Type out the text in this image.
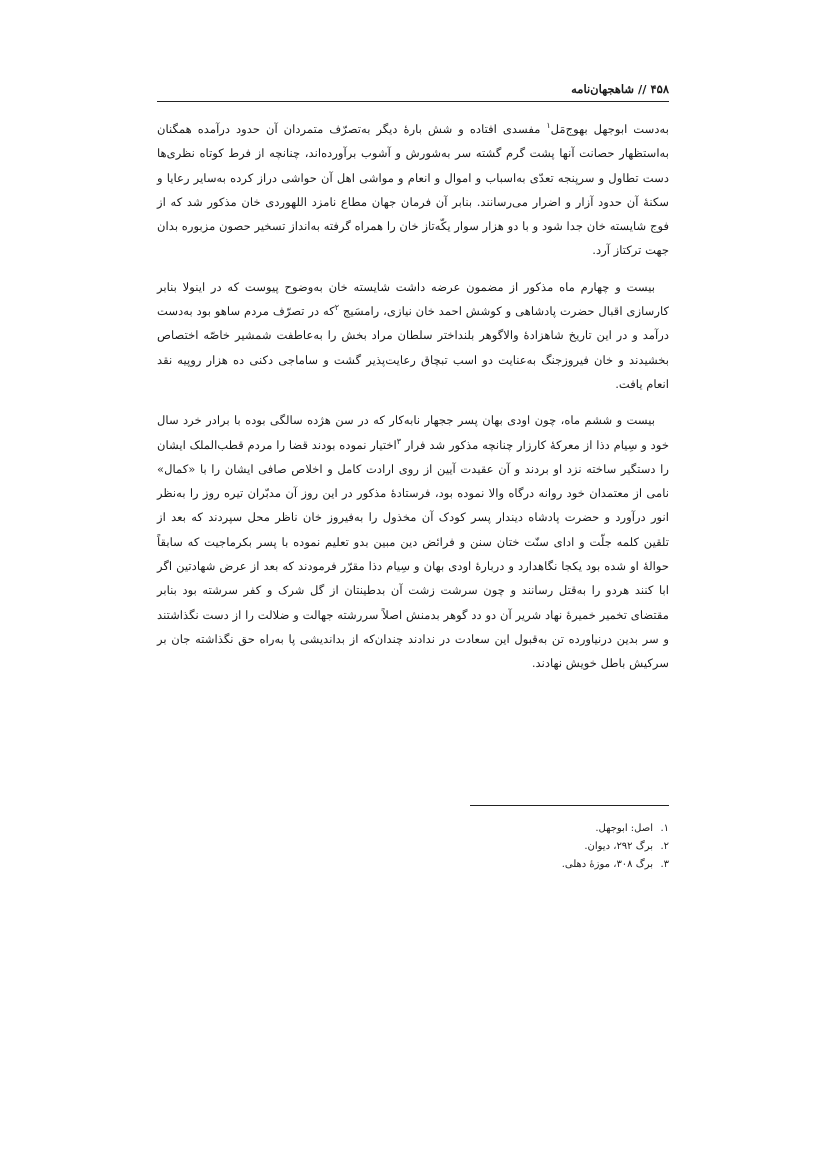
۴۵۸ // شاهجهان‌نامه

به‌دست ابوجهل بهوج‌مَل$^۱$ مفسدی افتاده و شش بارهٔ دیگر به‌تصرّف متمردان آن حدود درآمده همگنان به‌استظهار حصانت آنها پشت گرم گشته سر به‌شورش و آشوب برآورده‌اند، چنانچه از فرط کوتاه نظری‌ها دست تطاول و سرپنجه تعدّی به‌اسباب و اموال و انعام و مواشی اهل آن حواشی دراز کرده به‌سایر رعایا و سکنهٔ آن حدود آزار و اضرار می‌رسانند. بنابر آن فرمان جهان مطاع نامزد اللهوردی خان مذکور شد که از فوج شایسته خان جدا شود و با دو هزار سوار یکّه‌تاز خان را همراه گرفته به‌انداز تسخیر حصون مزبوره بدان جهت ترکتاز آرد.

بیست و چهارم ماه مذکور از مضمون عرضه داشت شایسته خان به‌وضوح پیوست که در اینولا بنابر کارسازی اقبال حضرت پادشاهی و کوشش احمد خان نیازی، رامسَیج $^۲$که در تصرّف مردم ساهو بود به‌دست درآمد و در این تاریخ شاهزادهٔ والاگوهر بلنداختر سلطان مراد بخش را به‌عاطفت شمشیر خاصّه اختصاص بخشیدند و خان فیروزجنگ به‌عنایت دو اسب تبچاق رعایت‌پذیر گشت و ساماجی دکنی ده هزار روپیه نقد انعام یافت.

بیست و ششم ماه، چون اودی بهان پسر ججهار نابه‌کار که در سن هژده سالگی بوده با برادر خرد سال خود و سِیام دذا از معرکهٔ کارزار چنانچه مذکور شد فرار $^۳$اختیار نموده بودند قضا را مردم قطب‌الملک ایشان را دستگیر ساخته نزد او بردند و آن عقیدت آیین از روی ارادت کامل و اخلاص صافی ایشان را با «کمال» نامی از معتمدان خود روانه درگاه والا نموده بود، فرستادهٔ مذکور در این روز آن مدبّران تیره روز را به‌نظر انور درآورد و حضرت پادشاه دیندار پسر کودک آن مخذول را به‌فیروز خان ناظر محل سپردند که بعد از تلقین کلمه جلّت و ادای سنّت ختان سنن و فرائض دین مبین بدو تعلیم نموده با پسر بکرماجیت که سابقاً حوالهٔ او شده بود یکجا نگاهدارد و دربارهٔ اودی بهان و سِیام دذا مقرّر فرمودند که بعد از عرض شهادتین اگر ابا کنند هردو را به‌قتل رسانند و چون سرشت زشت آن بدطینتان از گل شرک و کفر سرشته بود بنابر مقتضای تخمیر خمیرهٔ نهاد شریر آن دو دد گوهر بدمنش اصلاً سررشته جهالت و ضلالت را از دست نگذاشتند و سر بدین درنیاورده تن به‌قبول این سعادت در ندادند چندان‌که از بداندیشی پا به‌راه حق نگذاشته جان بر سرکیش باطل خویش نهادند.

۱.اصل: ابوجهل.
۲.برگ ۲۹۲، دیوان.
۳.برگ ۳۰۸، موزهٔ دهلی.
